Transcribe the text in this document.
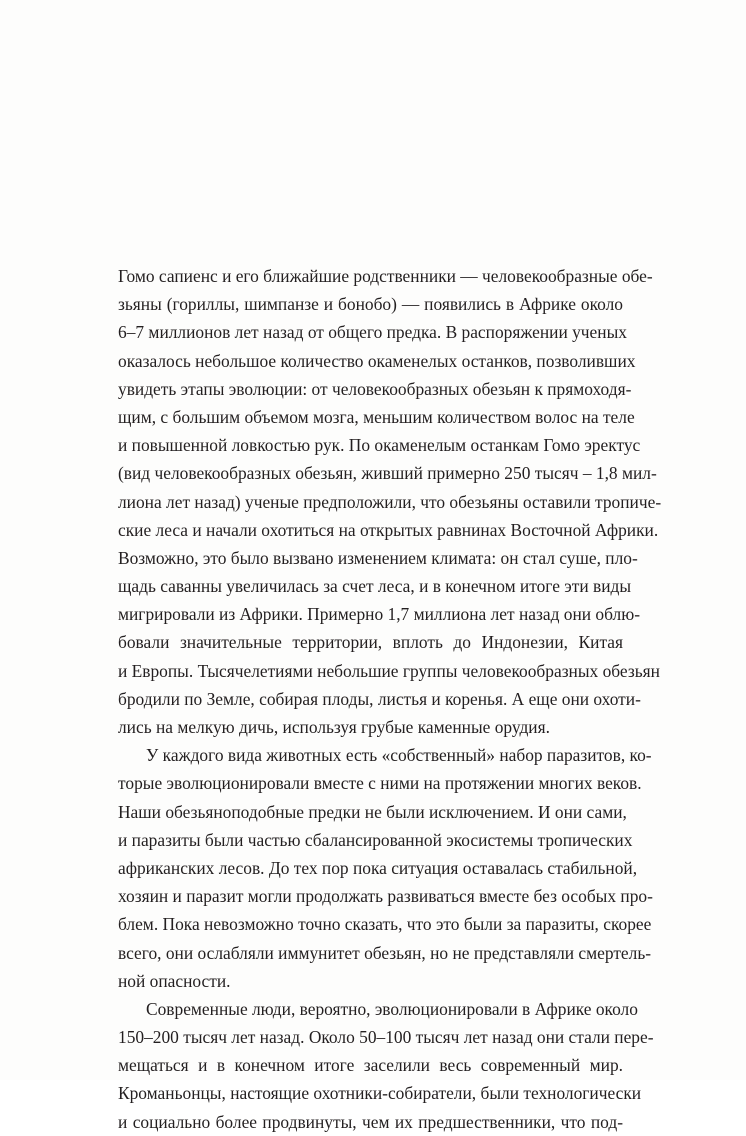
Гомо сапиенс и его ближайшие родственники — человекообразные обе-
зьяны (гориллы, шимпанзе и бонобо) — появились в Африке около
6–7 миллионов лет назад от общего предка. В распоряжении ученых
оказалось небольшое количество окаменелых останков, позволивших
увидеть этапы эволюции: от человекообразных обезьян к прямоходя-
щим, с большим объемом мозга, меньшим количеством волос на теле
и повышенной ловкостью рук. По окаменелым останкам Гомо эректус
(вид человекообразных обезьян, живший примерно 250 тысяч – 1,8 мил-
лиона лет назад) ученые предположили, что обезьяны оставили тропиче-
ские леса и начали охотиться на открытых равнинах Восточной Африки.
Возможно, это было вызвано изменением климата: он стал суше, пло-
щадь саванны увеличилась за счет леса, и в конечном итоге эти виды
мигрировали из Африки. Примерно 1,7 миллиона лет назад они облю-
бовали значительные территории, вплоть до Индонезии, Китая
и Европы. Тысячелетиями небольшие группы человекообразных обезьян
бродили по Земле, собирая плоды, листья и коренья. А еще они охоти-
лись на мелкую дичь, используя грубые каменные орудия.

У каждого вида животных есть «собственный» набор паразитов, ко-
торые эволюционировали вместе с ними на протяжении многих веков.
Наши обезьяноподобные предки не были исключением. И они сами,
и паразиты были частью сбалансированной экосистемы тропических
африканских лесов. До тех пор пока ситуация оставалась стабильной,
хозяин и паразит могли продолжать развиваться вместе без особых про-
блем. Пока невозможно точно сказать, что это были за паразиты, скорее
всего, они ослабляли иммунитет обезьян, но не представляли смертель-
ной опасности.

Современные люди, вероятно, эволюционировали в Африке около
150–200 тысяч лет назад. Около 50–100 тысяч лет назад они стали пере-
мещаться и в конечном итоге заселили весь современный мир.
Кроманьонцы, настоящие охотники-собиратели, были технологически
и социально более продвинуты, чем их предшественники, что под-
